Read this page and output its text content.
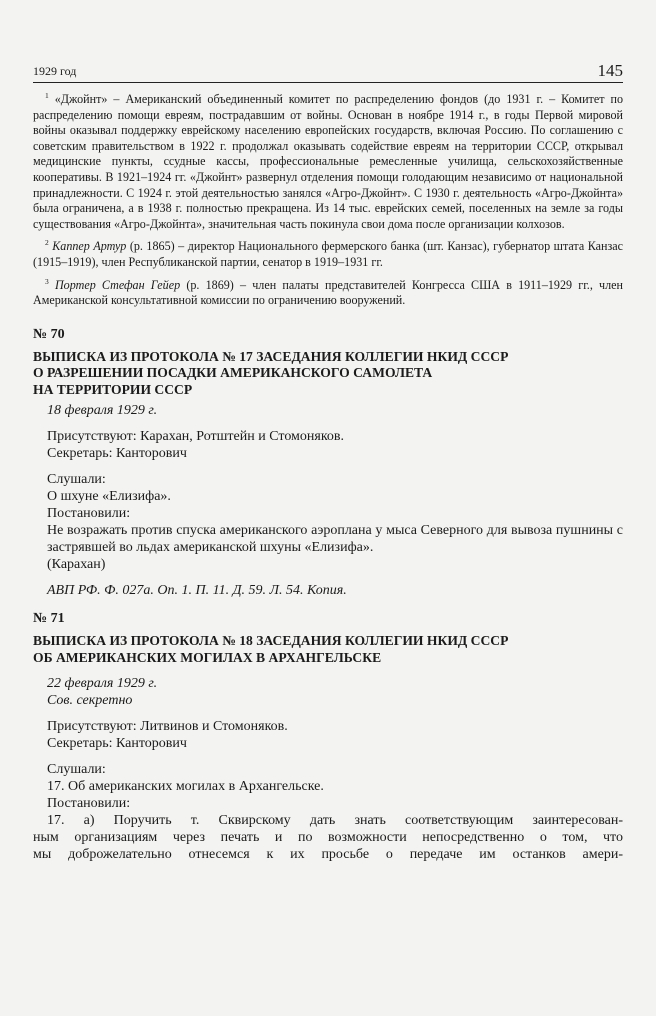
1929 год	145

$^1$ «Джойнт» – Американский объединенный комитет по распределению фондов (до 1931 г. – Комитет по распределению помощи евреям, пострадавшим от войны. Основан в ноябре 1914 г., в годы Первой мировой войны оказывал поддержку еврейскому населению европейских государств, включая Россию. По соглашению с советским правительством в 1922 г. продолжал оказывать содействие евреям на территории СССР, открывал медицинские пункты, ссудные кассы, профессиональные ремесленные училища, сельскохозяйственные кооперативы. В 1921–1924 гг. «Джойнт» развернул отделения помощи голодающим независимо от национальной принадлежности. С 1924 г. этой деятельностью занялся «Агро-Джойнт». С 1930 г. деятельность «Агро-Джойнта» была ограничена, а в 1938 г. полностью прекращена. Из 14 тыс. еврейских семей, поселенных на земле за годы существования «Агро-Джойнта», значительная часть покинула свои дома после организации колхозов.

$^2$ Каппер Артур (р. 1865) – директор Национального фермерского банка (шт. Канзас), губернатор штата Канзас (1915–1919), член Республиканской партии, сенатор в 1919–1931 гг.

$^3$ Портер Стефан Гейер (р. 1869) – член палаты представителей Конгресса США в 1911–1929 гг., член Американской консультативной комиссии по ограничению вооружений.

№ 70
ВЫПИСКА ИЗ ПРОТОКОЛА № 17 ЗАСЕДАНИЯ КОЛЛЕГИИ НКИД СССР
О РАЗРЕШЕНИИ ПОСАДКИ АМЕРИКАНСКОГО САМОЛЕТА
НА ТЕРРИТОРИИ СССР

18 февраля 1929 г.

Присутствуют: Карахан, Ротштейн и Стомоняков.

Секретарь: Канторович

Слушали:

О шхуне «Елизифа».

Постановили:

Не возражать против спуска американского аэроплана у мыса Северного для вывоза пушнины с застрявшей во льдах американской шхуны «Елизифа».

(Карахан)

АВП РФ. Ф. 027а. Оп. 1. П. 11. Д. 59. Л. 54. Копия.

№ 71
ВЫПИСКА ИЗ ПРОТОКОЛА № 18 ЗАСЕДАНИЯ КОЛЛЕГИИ НКИД СССР
ОБ АМЕРИКАНСКИХ МОГИЛАХ В АРХАНГЕЛЬСКЕ

22 февраля 1929 г.

Сов. секретно

Присутствуют: Литвинов и Стомоняков.

Секретарь: Канторович

Слушали:

17. Об американских могилах в Архангельске.

Постановили:

17. а) Поручить т. Сквирскому дать знать соответствующим заинтересован-

ным организациям через печать и по возможности непосредственно о том, что

мы доброжелательно отнесемся к их просьбе о передаче им останков амери-
